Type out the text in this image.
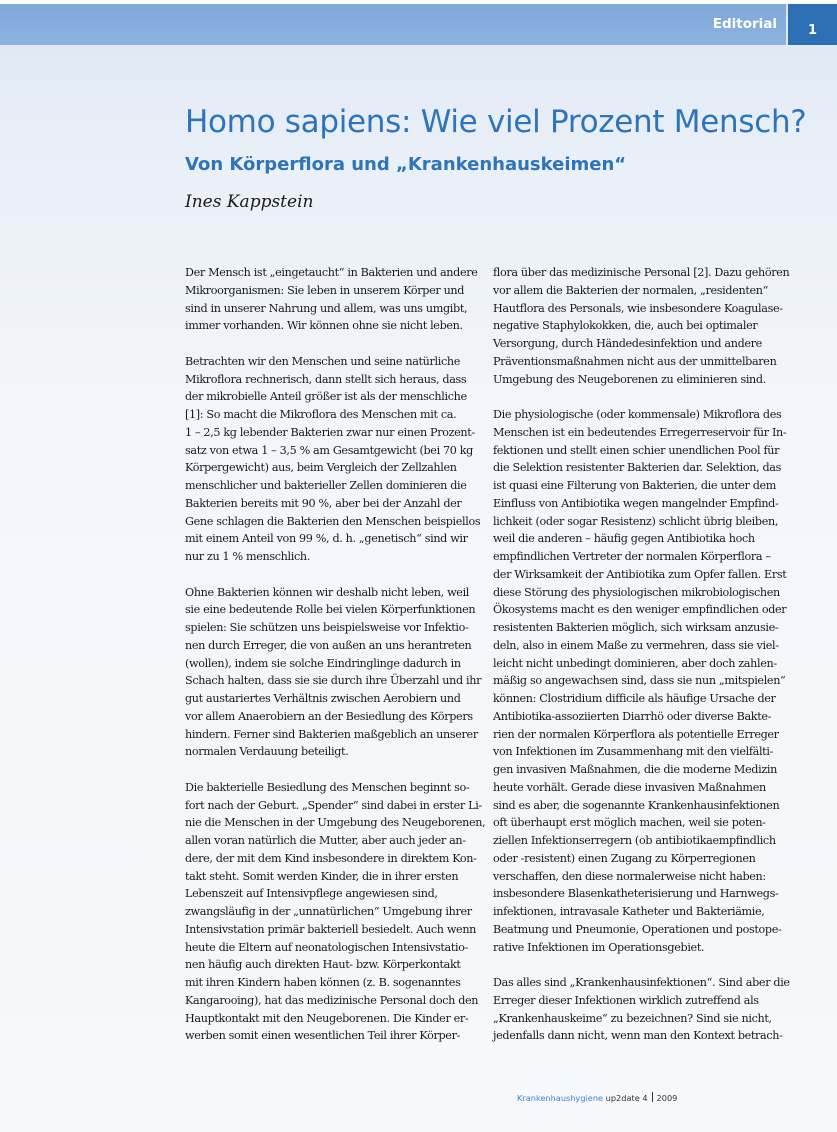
Editorial	1
Homo sapiens: Wie viel Prozent Mensch?
Von Körperflora und „Krankenhauskeimen“

Ines Kappstein

Der Mensch ist „eingetaucht“ in Bakterien und andere
Mikroorganismen: Sie leben in unserem Körper und
sind in unserer Nahrung und allem, was uns umgibt,
immer vorhanden. Wir können ohne sie nicht leben.

Betrachten wir den Menschen und seine natürliche
Mikroflora rechnerisch, dann stellt sich heraus, dass
der mikrobielle Anteil größer ist als der menschliche
[1]: So macht die Mikroflora des Menschen mit ca.
1 – 2,5 kg lebender Bakterien zwar nur einen Prozent-
satz von etwa 1 – 3,5 % am Gesamtgewicht (bei 70 kg
Körpergewicht) aus, beim Vergleich der Zellzahlen
menschlicher und bakterieller Zellen dominieren die
Bakterien bereits mit 90 %, aber bei der Anzahl der
Gene schlagen die Bakterien den Menschen beispiellos
mit einem Anteil von 99 %, d. h. „genetisch“ sind wir
nur zu 1 % menschlich.

Ohne Bakterien können wir deshalb nicht leben, weil
sie eine bedeutende Rolle bei vielen Körperfunktionen
spielen: Sie schützen uns beispielsweise vor Infektio-
nen durch Erreger, die von außen an uns herantreten
(wollen), indem sie solche Eindringlinge dadurch in
Schach halten, dass sie sie durch ihre Überzahl und ihr
gut austariertes Verhältnis zwischen Aerobiern und
vor allem Anaerobiern an der Besiedlung des Körpers
hindern. Ferner sind Bakterien maßgeblich an unserer
normalen Verdauung beteiligt.

Die bakterielle Besiedlung des Menschen beginnt so-
fort nach der Geburt. „Spender“ sind dabei in erster Li-
nie die Menschen in der Umgebung des Neugeborenen,
allen voran natürlich die Mutter, aber auch jeder an-
dere, der mit dem Kind insbesondere in direktem Kon-
takt steht. Somit werden Kinder, die in ihrer ersten
Lebenszeit auf Intensivpflege angewiesen sind,
zwangsläufig in der „unnatürlichen“ Umgebung ihrer
Intensivstation primär bakteriell besiedelt. Auch wenn
heute die Eltern auf neonatologischen Intensivstatio-
nen häufig auch direkten Haut- bzw. Körperkontakt
mit ihren Kindern haben können (z. B. sogenanntes
Kangarooing), hat das medizinische Personal doch den
Hauptkontakt mit den Neugeborenen. Die Kinder er-
werben somit einen wesentlichen Teil ihrer Körper-

flora über das medizinische Personal [2]. Dazu gehören
vor allem die Bakterien der normalen, „residenten“
Hautflora des Personals, wie insbesondere Koagulase-
negative Staphylokokken, die, auch bei optimaler
Versorgung, durch Händedesinfektion und andere
Präventionsmaßnahmen nicht aus der unmittelbaren
Umgebung des Neugeborenen zu eliminieren sind.

Die physiologische (oder kommensale) Mikroflora des
Menschen ist ein bedeutendes Erregerreservoir für In-
fektionen und stellt einen schier unendlichen Pool für
die Selektion resistenter Bakterien dar. Selektion, das
ist quasi eine Filterung von Bakterien, die unter dem
Einfluss von Antibiotika wegen mangelnder Empfind-
lichkeit (oder sogar Resistenz) schlicht übrig bleiben,
weil die anderen – häufig gegen Antibiotika hoch
empfindlichen Vertreter der normalen Körperflora –
der Wirksamkeit der Antibiotika zum Opfer fallen. Erst
diese Störung des physiologischen mikrobiologischen
Ökosystems macht es den weniger empfindlichen oder
resistenten Bakterien möglich, sich wirksam anzusie-
deln, also in einem Maße zu vermehren, dass sie viel-
leicht nicht unbedingt dominieren, aber doch zahlen-
mäßig so angewachsen sind, dass sie nun „mitspielen“
können: Clostridium difficile als häufige Ursache der
Antibiotika-assoziierten Diarrhö oder diverse Bakte-
rien der normalen Körperflora als potentielle Erreger
von Infektionen im Zusammenhang mit den vielfälti-
gen invasiven Maßnahmen, die die moderne Medizin
heute vorhält. Gerade diese invasiven Maßnahmen
sind es aber, die sogenannte Krankenhausinfektionen
oft überhaupt erst möglich machen, weil sie poten-
ziellen Infektionserregern (ob antibiotikaempfindlich
oder -resistent) einen Zugang zu Körperregionen
verschaffen, den diese normalerweise nicht haben:
insbesondere Blasenkatheterisierung und Harnwegs-
infektionen, intravasale Katheter und Bakteriämie,
Beatmung und Pneumonie, Operationen und postope-
rative Infektionen im Operationsgebiet.

Das alles sind „Krankenhausinfektionen“. Sind aber die
Erreger dieser Infektionen wirklich zutreffend als
„Krankenhauskeime“ zu bezeichnen? Sind sie nicht,
jedenfalls dann nicht, wenn man den Kontext betrach-

Krankenhaushygiene up2date 4 2009
